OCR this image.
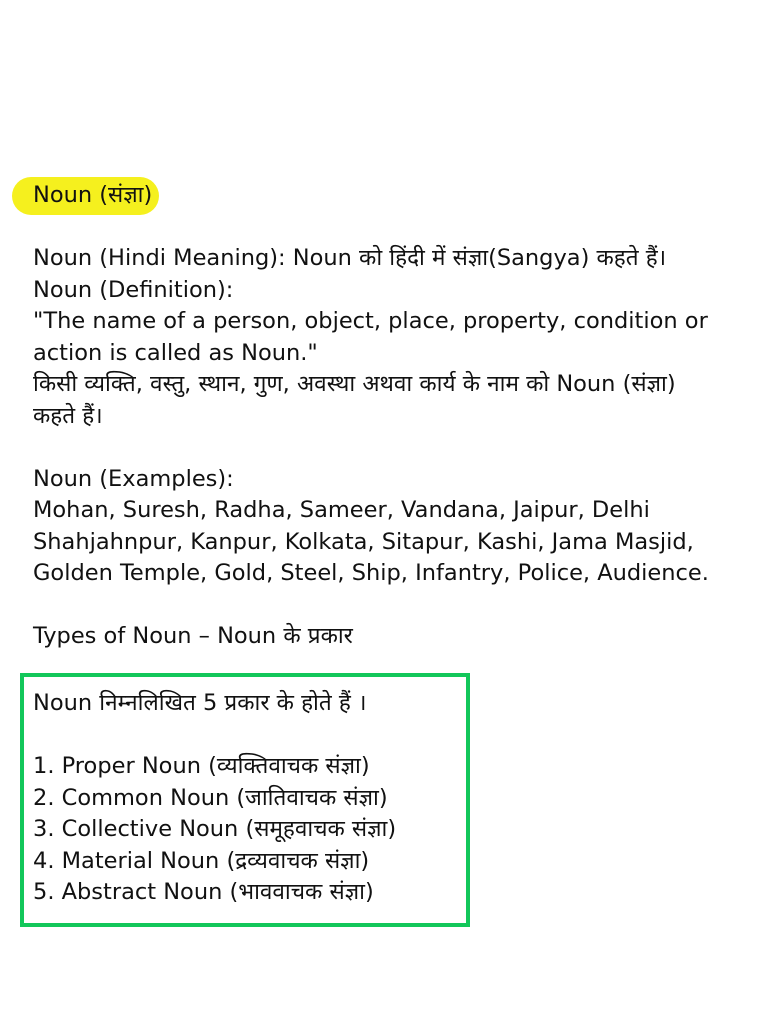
Noun (संज्ञा)
Noun (Hindi Meaning): Noun को हिंदी में संज्ञा(Sangya) कहते हैं।
Noun (Definition):
"The name of a person, object, place, property, condition or
action is called as Noun."
किसी व्यक्ति, वस्तु, स्थान, गुण, अवस्था अथवा कार्य के नाम को Noun (संज्ञा)
कहते हैं।
Noun (Examples):
Mohan, Suresh, Radha, Sameer, Vandana, Jaipur, Delhi
Shahjahnpur, Kanpur, Kolkata, Sitapur, Kashi, Jama Masjid,
Golden Temple, Gold, Steel, Ship, Infantry, Police, Audience.
Types of Noun – Noun के प्रकार
Noun निम्नलिखित 5 प्रकार के होते हैं ।
1. Proper Noun (व्यक्तिवाचक संज्ञा)
2. Common Noun (जातिवाचक संज्ञा)
3. Collective Noun (समूहवाचक संज्ञा)
4. Material Noun (द्रव्यवाचक संज्ञा)
5. Abstract Noun (भाववाचक संज्ञा)
